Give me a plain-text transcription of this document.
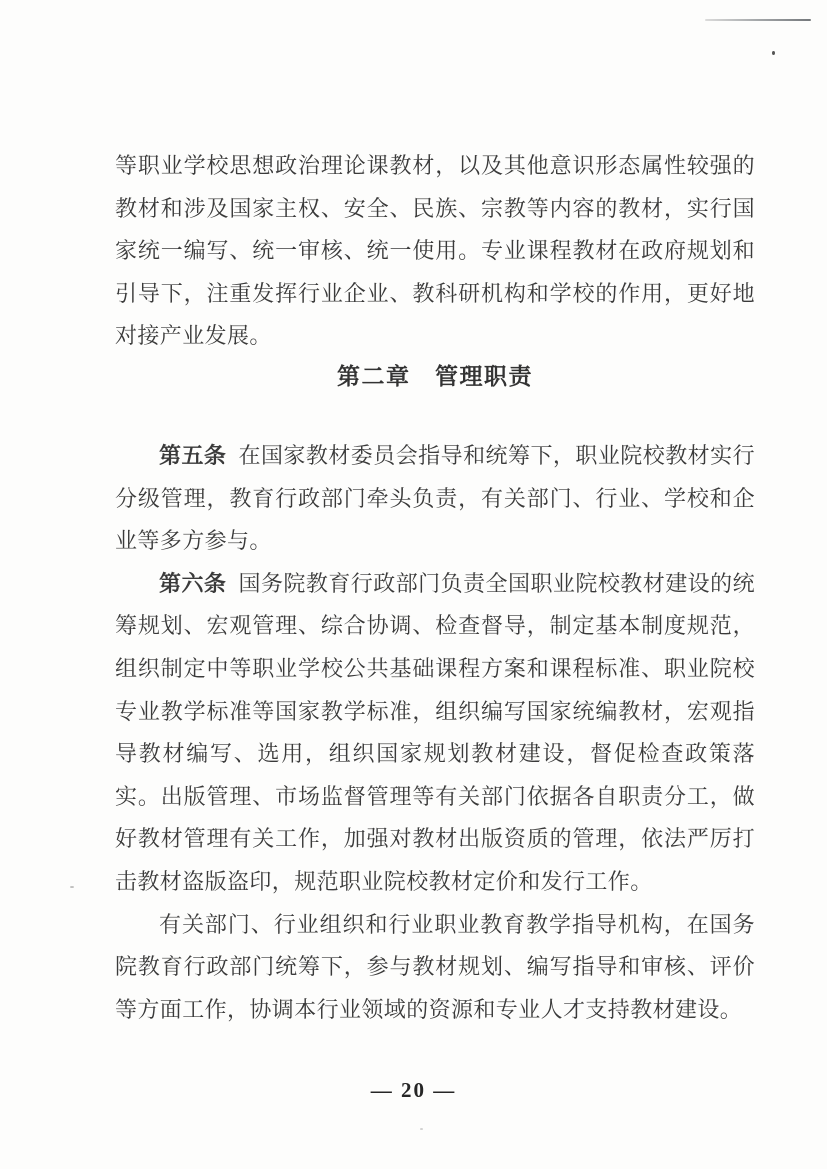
等职业学校思想政治理论课教材，以及其他意识形态属性较强的教材和涉及国家主权、安全、民族、宗教等内容的教材，实行国家统一编写、统一审核、统一使用。专业课程教材在政府规划和引导下，注重发挥行业企业、教科研机构和学校的作用，更好地对接产业发展。

第二章　管理职责

第五条 在国家教材委员会指导和统筹下，职业院校教材实行分级管理，教育行政部门牵头负责，有关部门、行业、学校和企业等多方参与。

第六条 国务院教育行政部门负责全国职业院校教材建设的统筹规划、宏观管理、综合协调、检查督导，制定基本制度规范，组织制定中等职业学校公共基础课程方案和课程标准、职业院校专业教学标准等国家教学标准，组织编写国家统编教材，宏观指导教材编写、选用，组织国家规划教材建设，督促检查政策落实。出版管理、市场监督管理等有关部门依据各自职责分工，做好教材管理有关工作，加强对教材出版资质的管理，依法严厉打击教材盗版盗印，规范职业院校教材定价和发行工作。

有关部门、行业组织和行业职业教育教学指导机构，在国务院教育行政部门统筹下，参与教材规划、编写指导和审核、评价等方面工作，协调本行业领域的资源和专业人才支持教材建设。

— 20 —
